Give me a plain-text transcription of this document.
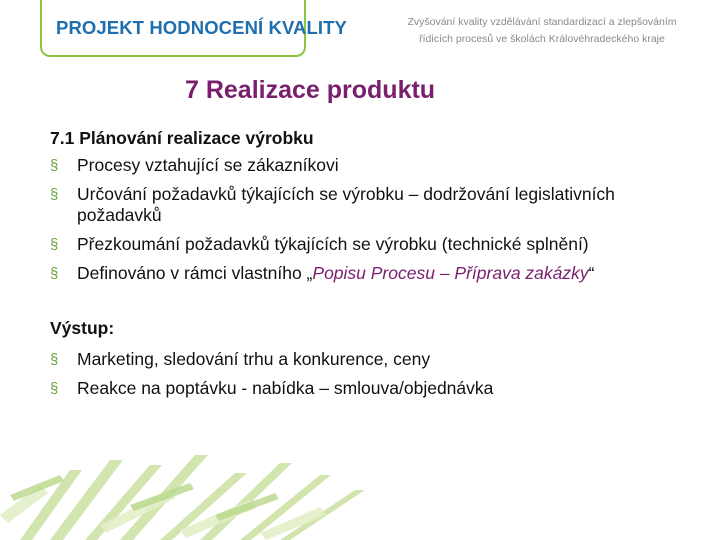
PROJEKT HODNOCENÍ KVALITY	Zvyšování kvality vzdělávání standardizací a zlepšováním
řídicích procesů ve školách Královéhradeckého kraje
7 Realizace produktu
7.1 Plánování realizace výrobku
§ Procesy vztahující se zákazníkovi
§ Určování požadavků týkajících se výrobku – dodržování legislativních požadavků
§ Přezkoumání požadavků týkajících se výrobku (technické splnění)
§ Definováno v rámci vlastního „Popisu Procesu – Příprava zakázky“
Výstup:
§ Marketing, sledování trhu a konkurence, ceny
§ Reakce na poptávku - nabídka – smlouva/objednávka
